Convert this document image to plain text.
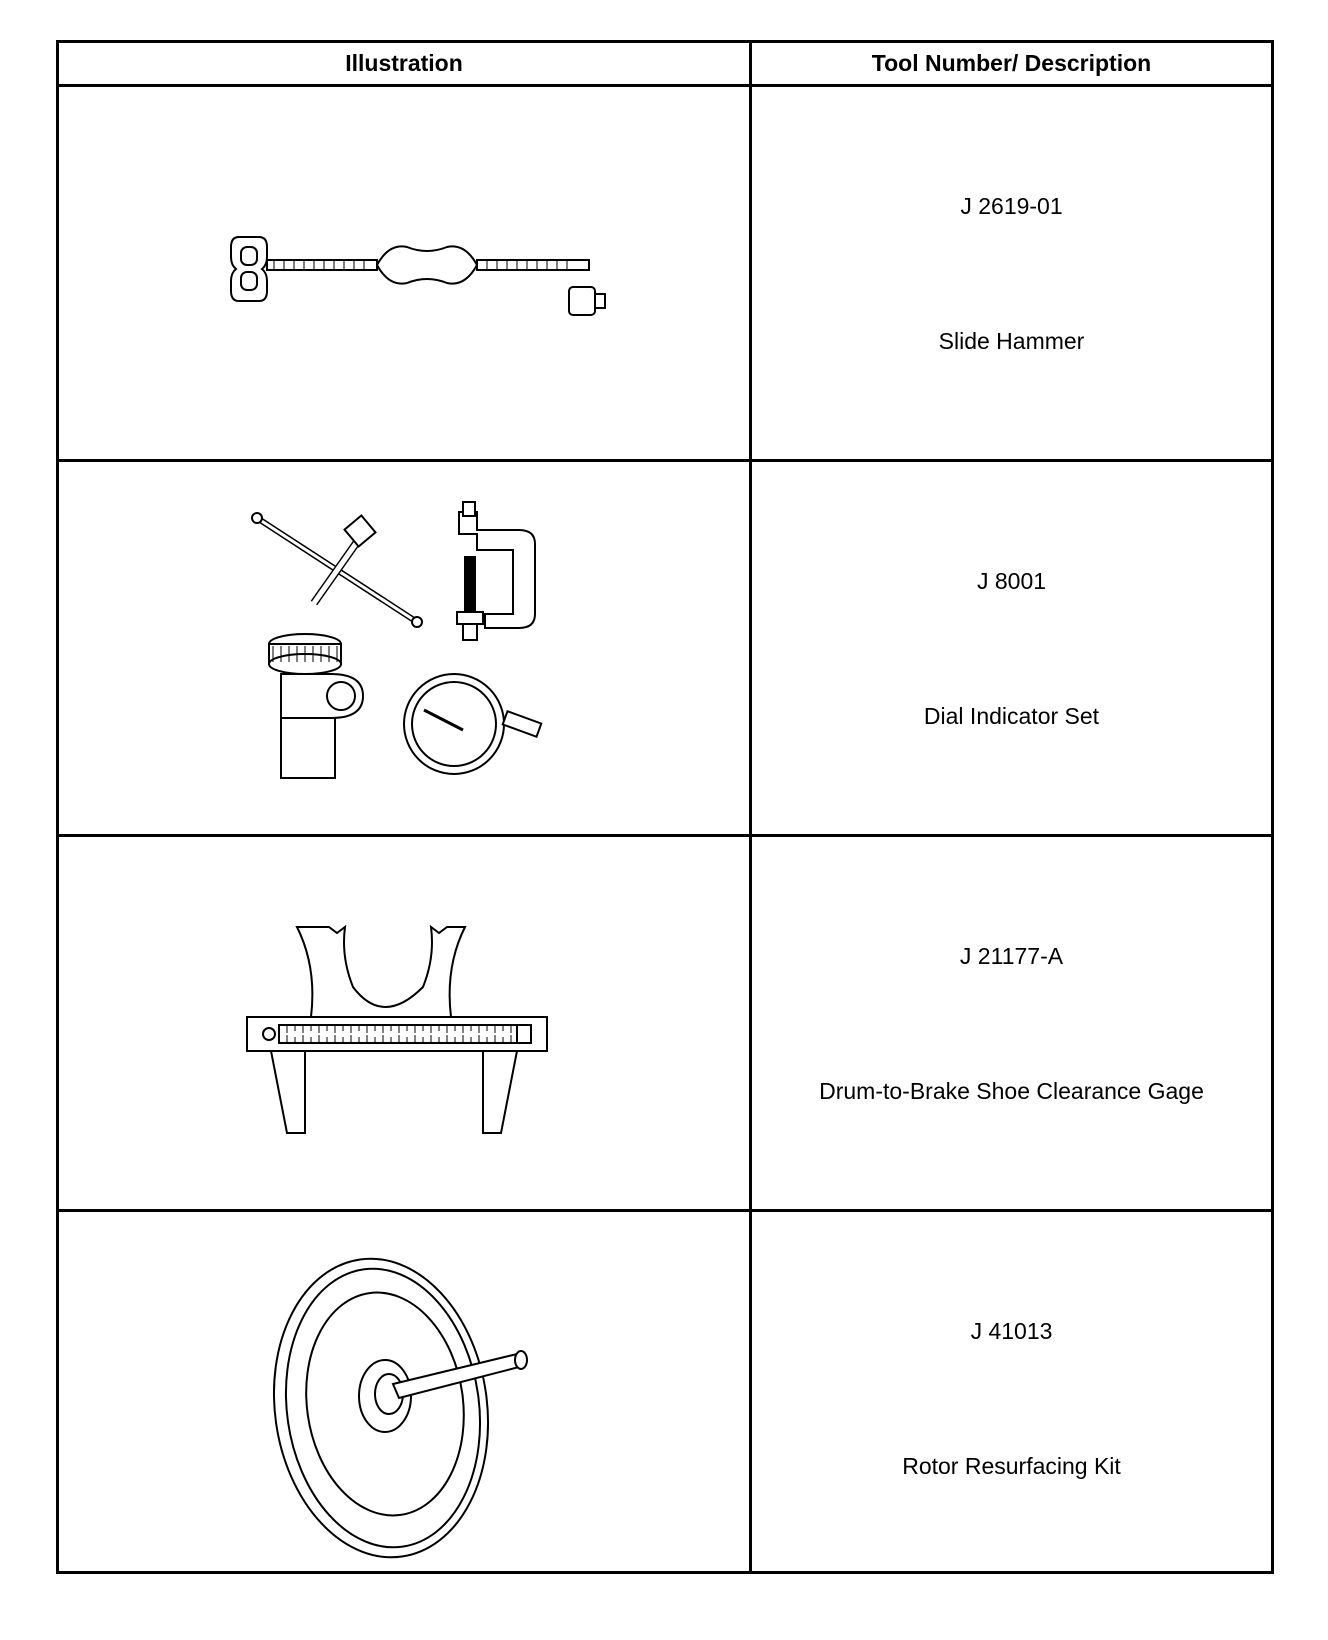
Illustration	Tool Number/ Description
J 2619-01
Slide Hammer
J 8001
Dial Indicator Set
J 21177-A
Drum-to-Brake Shoe Clearance Gage
J 41013
Rotor Resurfacing Kit
